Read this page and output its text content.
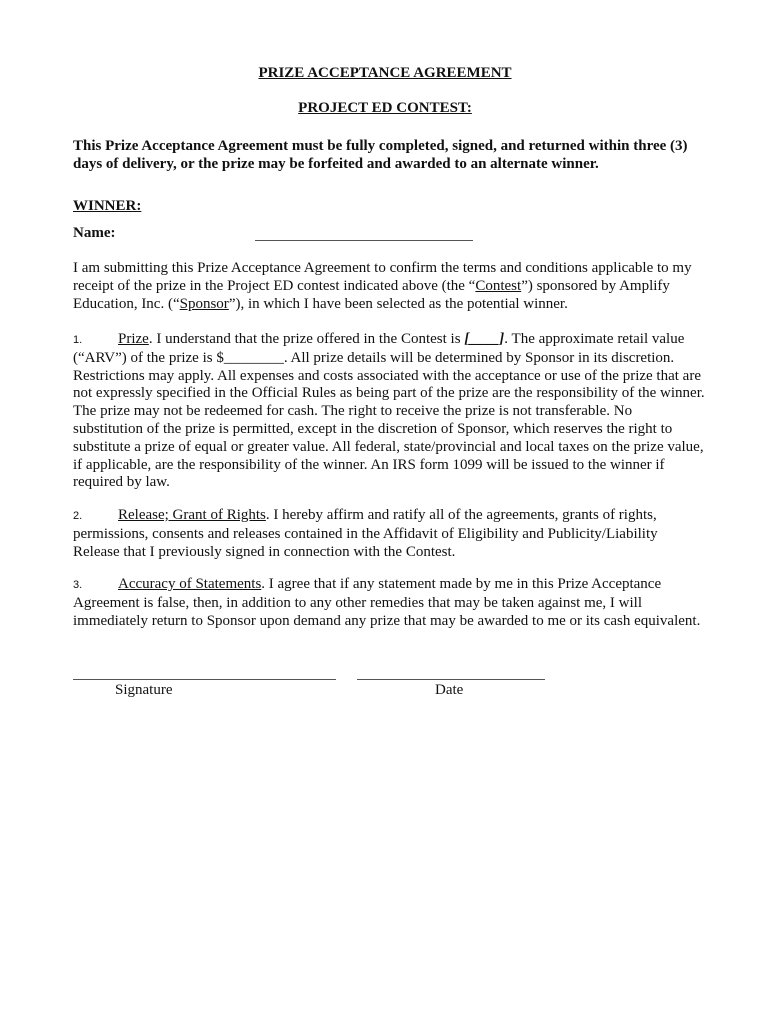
PRIZE ACCEPTANCE AGREEMENT
PROJECT ED CONTEST:

This Prize Acceptance Agreement must be fully completed, signed, and returned within three (3) days of delivery, or the prize may be forfeited and awarded to an alternate winner.

WINNER:

Name:

I am submitting this Prize Acceptance Agreement to confirm the terms and conditions applicable to my receipt of the prize in the Project ED contest indicated above (the “Contest”) sponsored by Amplify Education, Inc. (“Sponsor”), in which I have been selected as the potential winner.

1. Prize. I understand that the prize offered in the Contest is [____]. The approximate retail value (“ARV”) of the prize is $________. All prize details will be determined by Sponsor in its discretion. Restrictions may apply. All expenses and costs associated with the acceptance or use of the prize that are not expressly specified in the Official Rules as being part of the prize are the responsibility of the winner. The prize may not be redeemed for cash. The right to receive the prize is not transferable. No substitution of the prize is permitted, except in the discretion of Sponsor, which reserves the right to substitute a prize of equal or greater value. All federal, state/provincial and local taxes on the prize value, if applicable, are the responsibility of the winner. An IRS form 1099 will be issued to the winner if required by law.

2. Release; Grant of Rights. I hereby affirm and ratify all of the agreements, grants of rights, permissions, consents and releases contained in the Affidavit of Eligibility and Publicity/Liability Release that I previously signed in connection with the Contest.

3. Accuracy of Statements. I agree that if any statement made by me in this Prize Acceptance Agreement is false, then, in addition to any other remedies that may be taken against me, I will immediately return to Sponsor upon demand any prize that may be awarded to me or its cash equivalent.

Signature	Date
